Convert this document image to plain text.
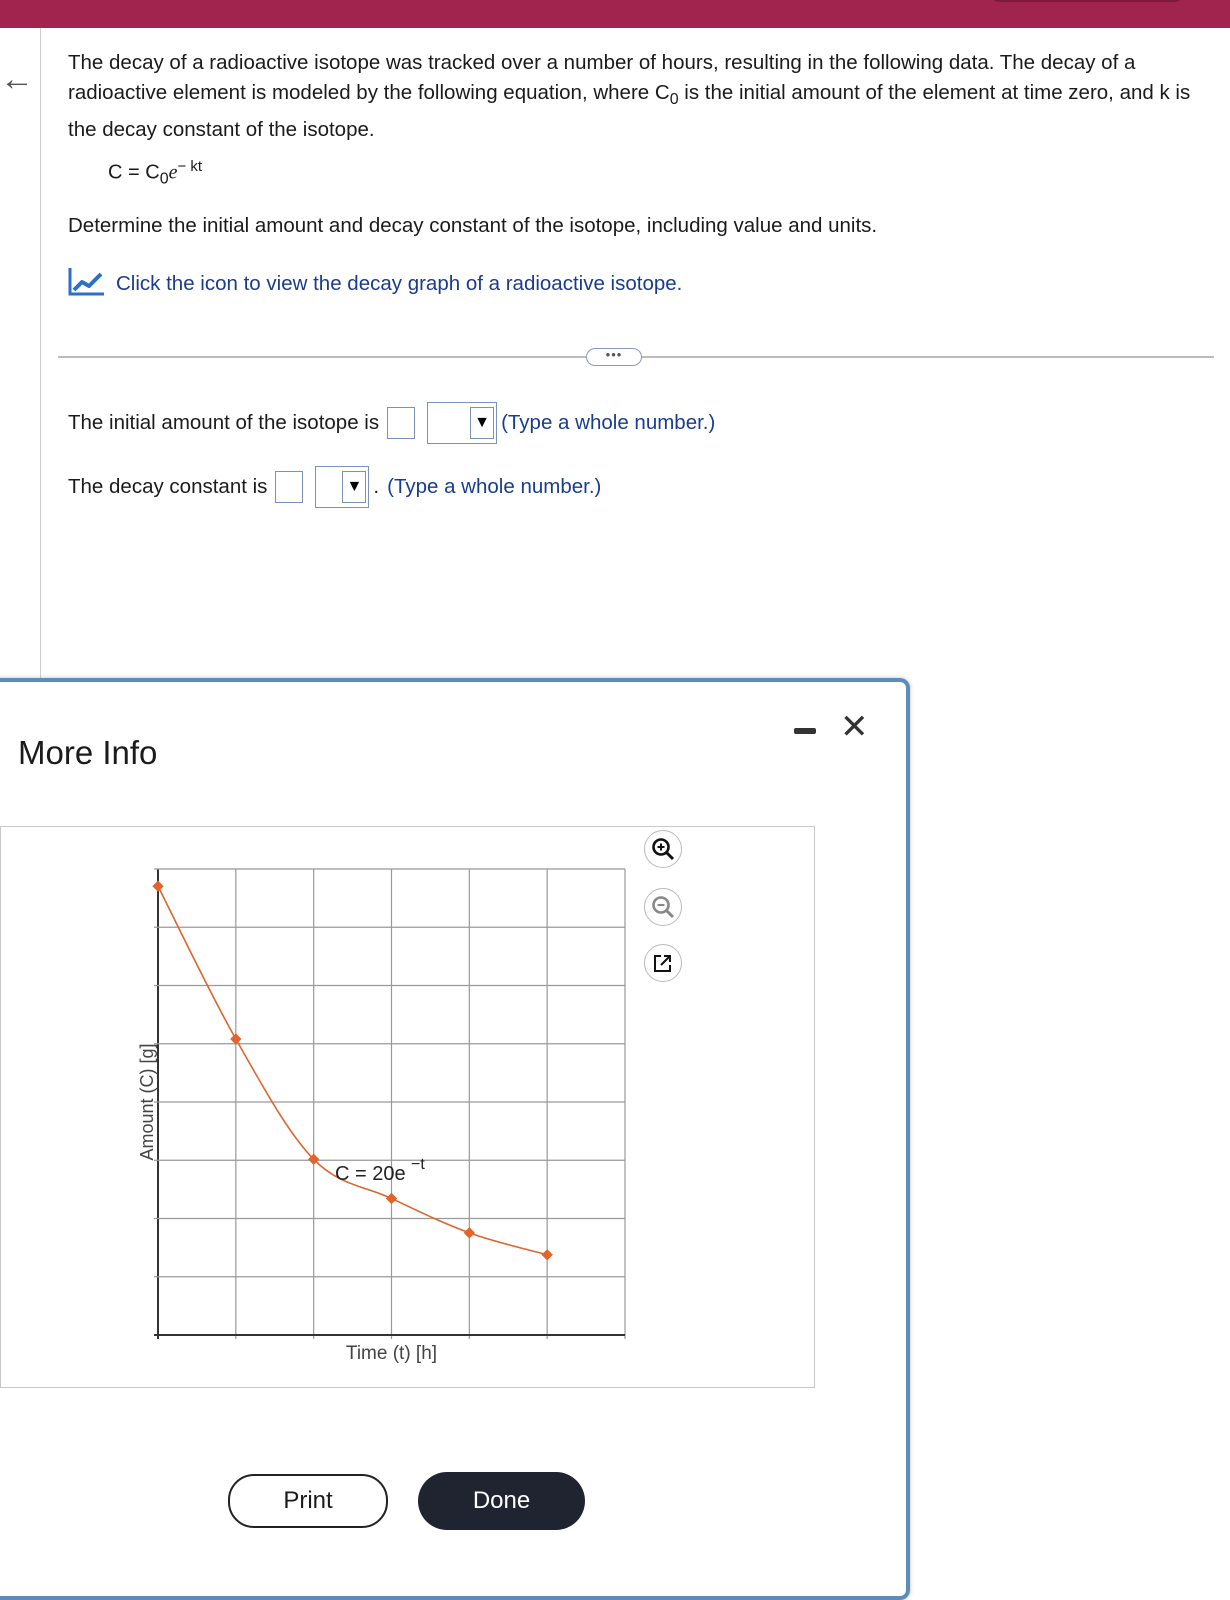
← The decay of a radioactive isotope was tracked over a number of hours, resulting in the following data. The decay of a radioactive element is modeled by the following equation, where $C_0$ is the initial amount of the element at time zero, and k is the decay constant of the isotope.
$C = C_0e^{- kt}$
Determine the initial amount and decay constant of the isotope, including value and units.
Click the icon to view the decay graph of a radioactive isotope.
•••
The initial amount of the isotope is	▼ (Type a whole number.)
The decay constant is	▼ . (Type a whole number.)
More Info
✕
C = 20e −t
Time (t) [h]
Amount (C) [g]
Print	Done
